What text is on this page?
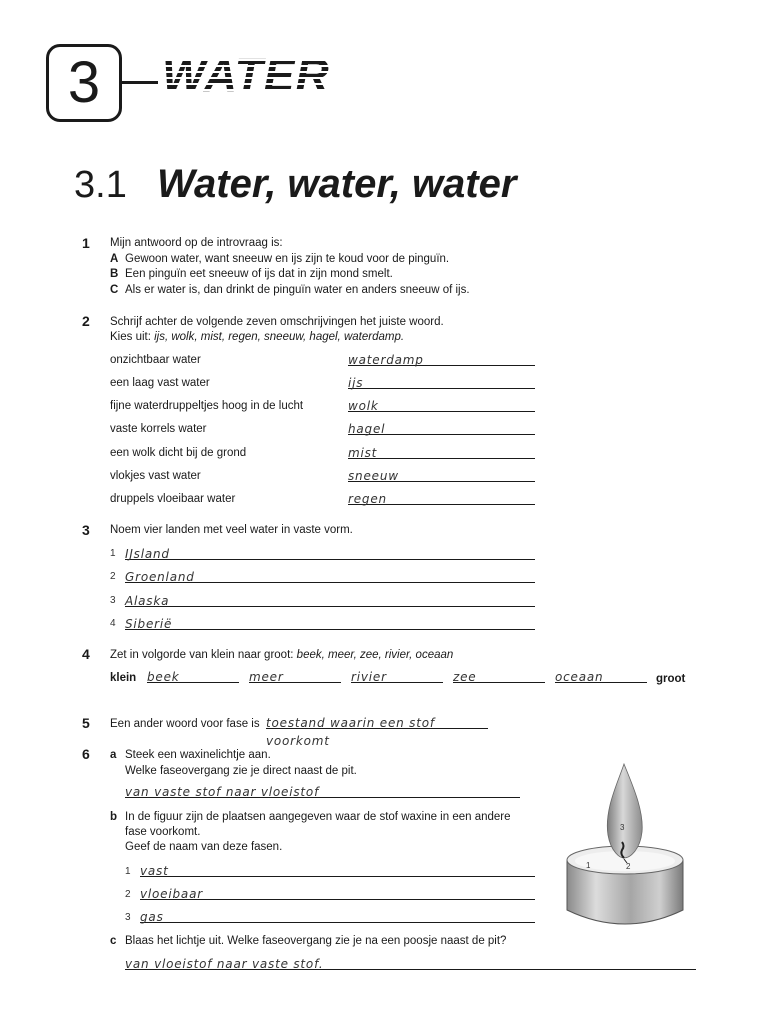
3 WATER
3.1 Water, water, water
1 Mijn antwoord op de introvraag is:
A Gewoon water, want sneeuw en ijs zijn te koud voor de pinguïn.
B Een pinguïn eet sneeuw of ijs dat in zijn mond smelt.
C Als er water is, dan drinkt de pinguïn water en anders sneeuw of ijs.
2 Schrijf achter de volgende zeven omschrijvingen het juiste woord.
Kies uit: ijs, wolk, mist, regen, sneeuw, hagel, waterdamp.
onzichtbaar water	waterdamp
een laag vast water	ijs
fijne waterdruppeltjes hoog in de lucht	wolk
vaste korrels water	hagel
een wolk dicht bij de grond	mist
vlokjes vast water	sneeuw
druppels vloeibaar water	regen
3 Noem vier landen met veel water in vaste vorm.
1 IJsland
2 Groenland
3 Alaska
4 Siberië
4 Zet in volgorde van klein naar groot: beek, meer, zee, rivier, oceaan
klein beek	meer	rivier	zee	oceaan	groot
5 Een ander woord voor fase is toestand waarin een stof voorkomt
6 a Steek een waxinelichtje aan.
Welke faseovergang zie je direct naast de pit.
van vaste stof naar vloeistof
b In de figuur zijn de plaatsen aangegeven waar de stof waxine in een andere
fase voorkomt.
Geef de naam van deze fasen.
1 vast
2 vloeibaar
3 gas
c Blaas het lichtje uit. Welke faseovergang zie je na een poosje naast de pit?
van vloeistof naar vaste stof.
1	2
3
